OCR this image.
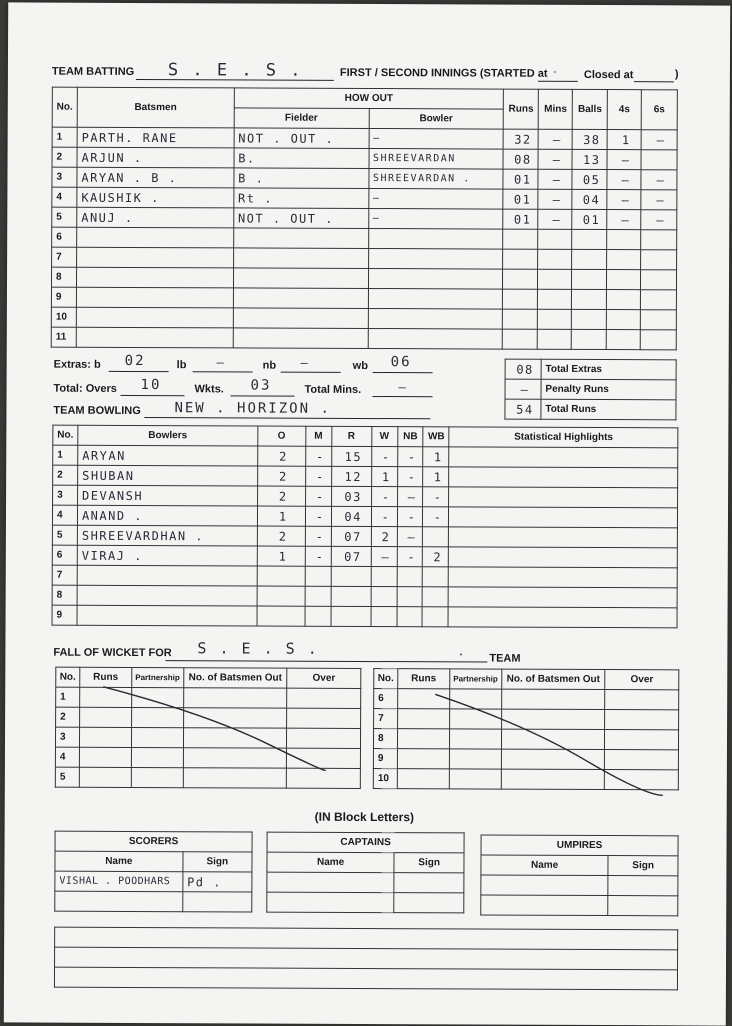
TEAM BATTING S . E . S .	FIRST / SECOND INNINGS (STARTED at - Closed at	)
No.	Batsmen	HOW OUT		Runs	Mins	Balls	4s	6s
		Fielder	Bowler					
1	PARTH. RANE	NOT . OUT .	—	32	—	38	1	—
2	ARJUN .	B.	SHREEVARDAN	08	—	13	—	
3	ARYAN . B .	B .	SHREEVARDAN .	01	—	05	—	—
4	KAUSHIK .	Rt .	—	01	—	04	—	—
5	ANUJ .	NOT . OUT .	—	01	—	01	—	—
6								
7								
8								
9								
10								
11								
Extras: b 02	lb	—	nb —	wb 06
Total: Overs 10	Wkts. 03	Total Mins.	—
08	Total Extras
—	Penalty Runs
54	Total Runs
TEAM BOWLING NEW . HORIZON .
No.	Bowlers	O	M	R	W	NB	WB	Statistical Highlights
1	ARYAN	2	-	15	-	-	1	
2	SHUBAN	2	-	12	1	-	1	
3	DEVANSH	2	-	03	-	—	-	
4	ANAND .	1	-	04	-	-	-	
5	SHREEVARDHAN .	2	-	07	2	—		
6	VIRAJ .	1	-	07	—	-	2	
7								
8								
9								
FALL OF WICKET FOR S . E . S .	.
TEAM
No.	Runs	Partnership	No. of Batsmen Out	Over
1				
2				
3				
4				
5				
No.	Runs	Partnership	No. of Batsmen Out	Over
6				
7				
8				
9				
10				
(IN Block Letters)
SCORERS	
Name	Sign
VISHAL . POODHARS	Pd .

CAPTAINS	
Name	Sign

UMPIRES	
Name	Sign
